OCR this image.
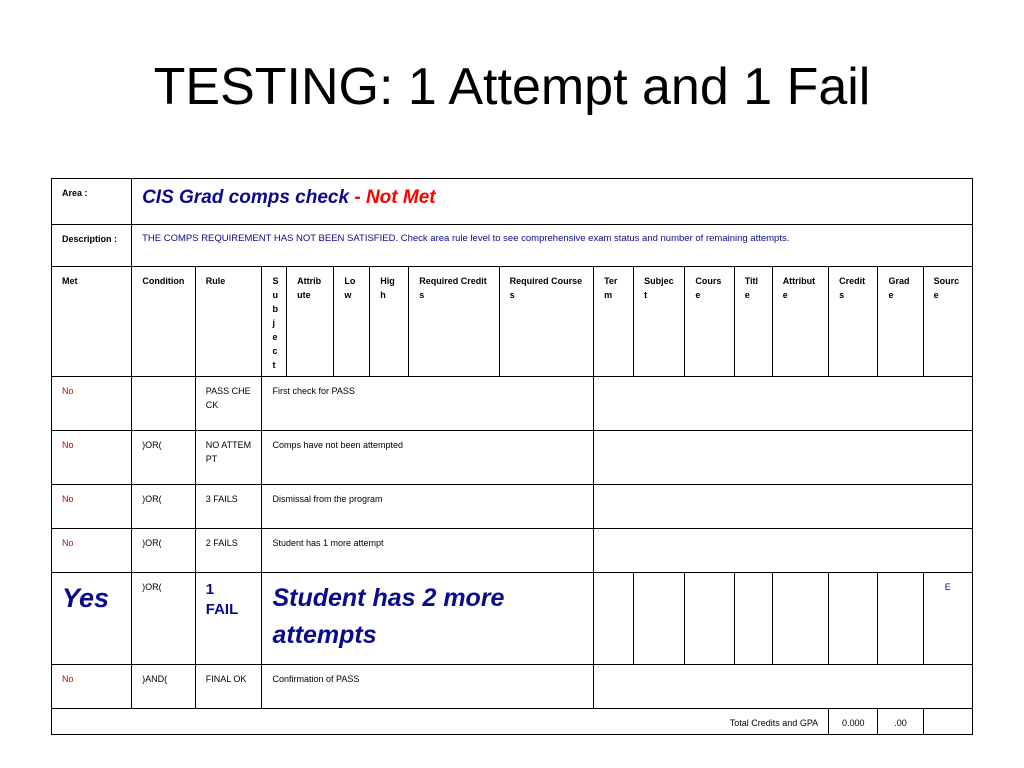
TESTING: 1 Attempt and 1 Fail
Area :	CIS Grad comps check - Not Met															
Description :	THE COMPS REQUIREMENT HAS NOT BEEN SATISFIED. Check area rule level to see comprehensive exam status and number of remaining attempts.															
Met	Condition	Rule	Subject	Attribute	Low	High	Required Credits	Required Courses	Term	Subject	Course	Title	Attribute	Credits	Grade	Source
No		PASS CHECK	First check for PASS													
No	)OR(	NO ATTEMPT	Comps have not been attempted													
No	)OR(	3 FAILS	Dismissal from the program													
No	)OR(	2 FAILS	Student has 1 more attempt													

Yes	)OR(	1 FAIL	Student has 2 more attempts													E
No	)AND(	FINAL OK	Confirmation of PASS													
Total Credits and GPA														0.000	.00	
